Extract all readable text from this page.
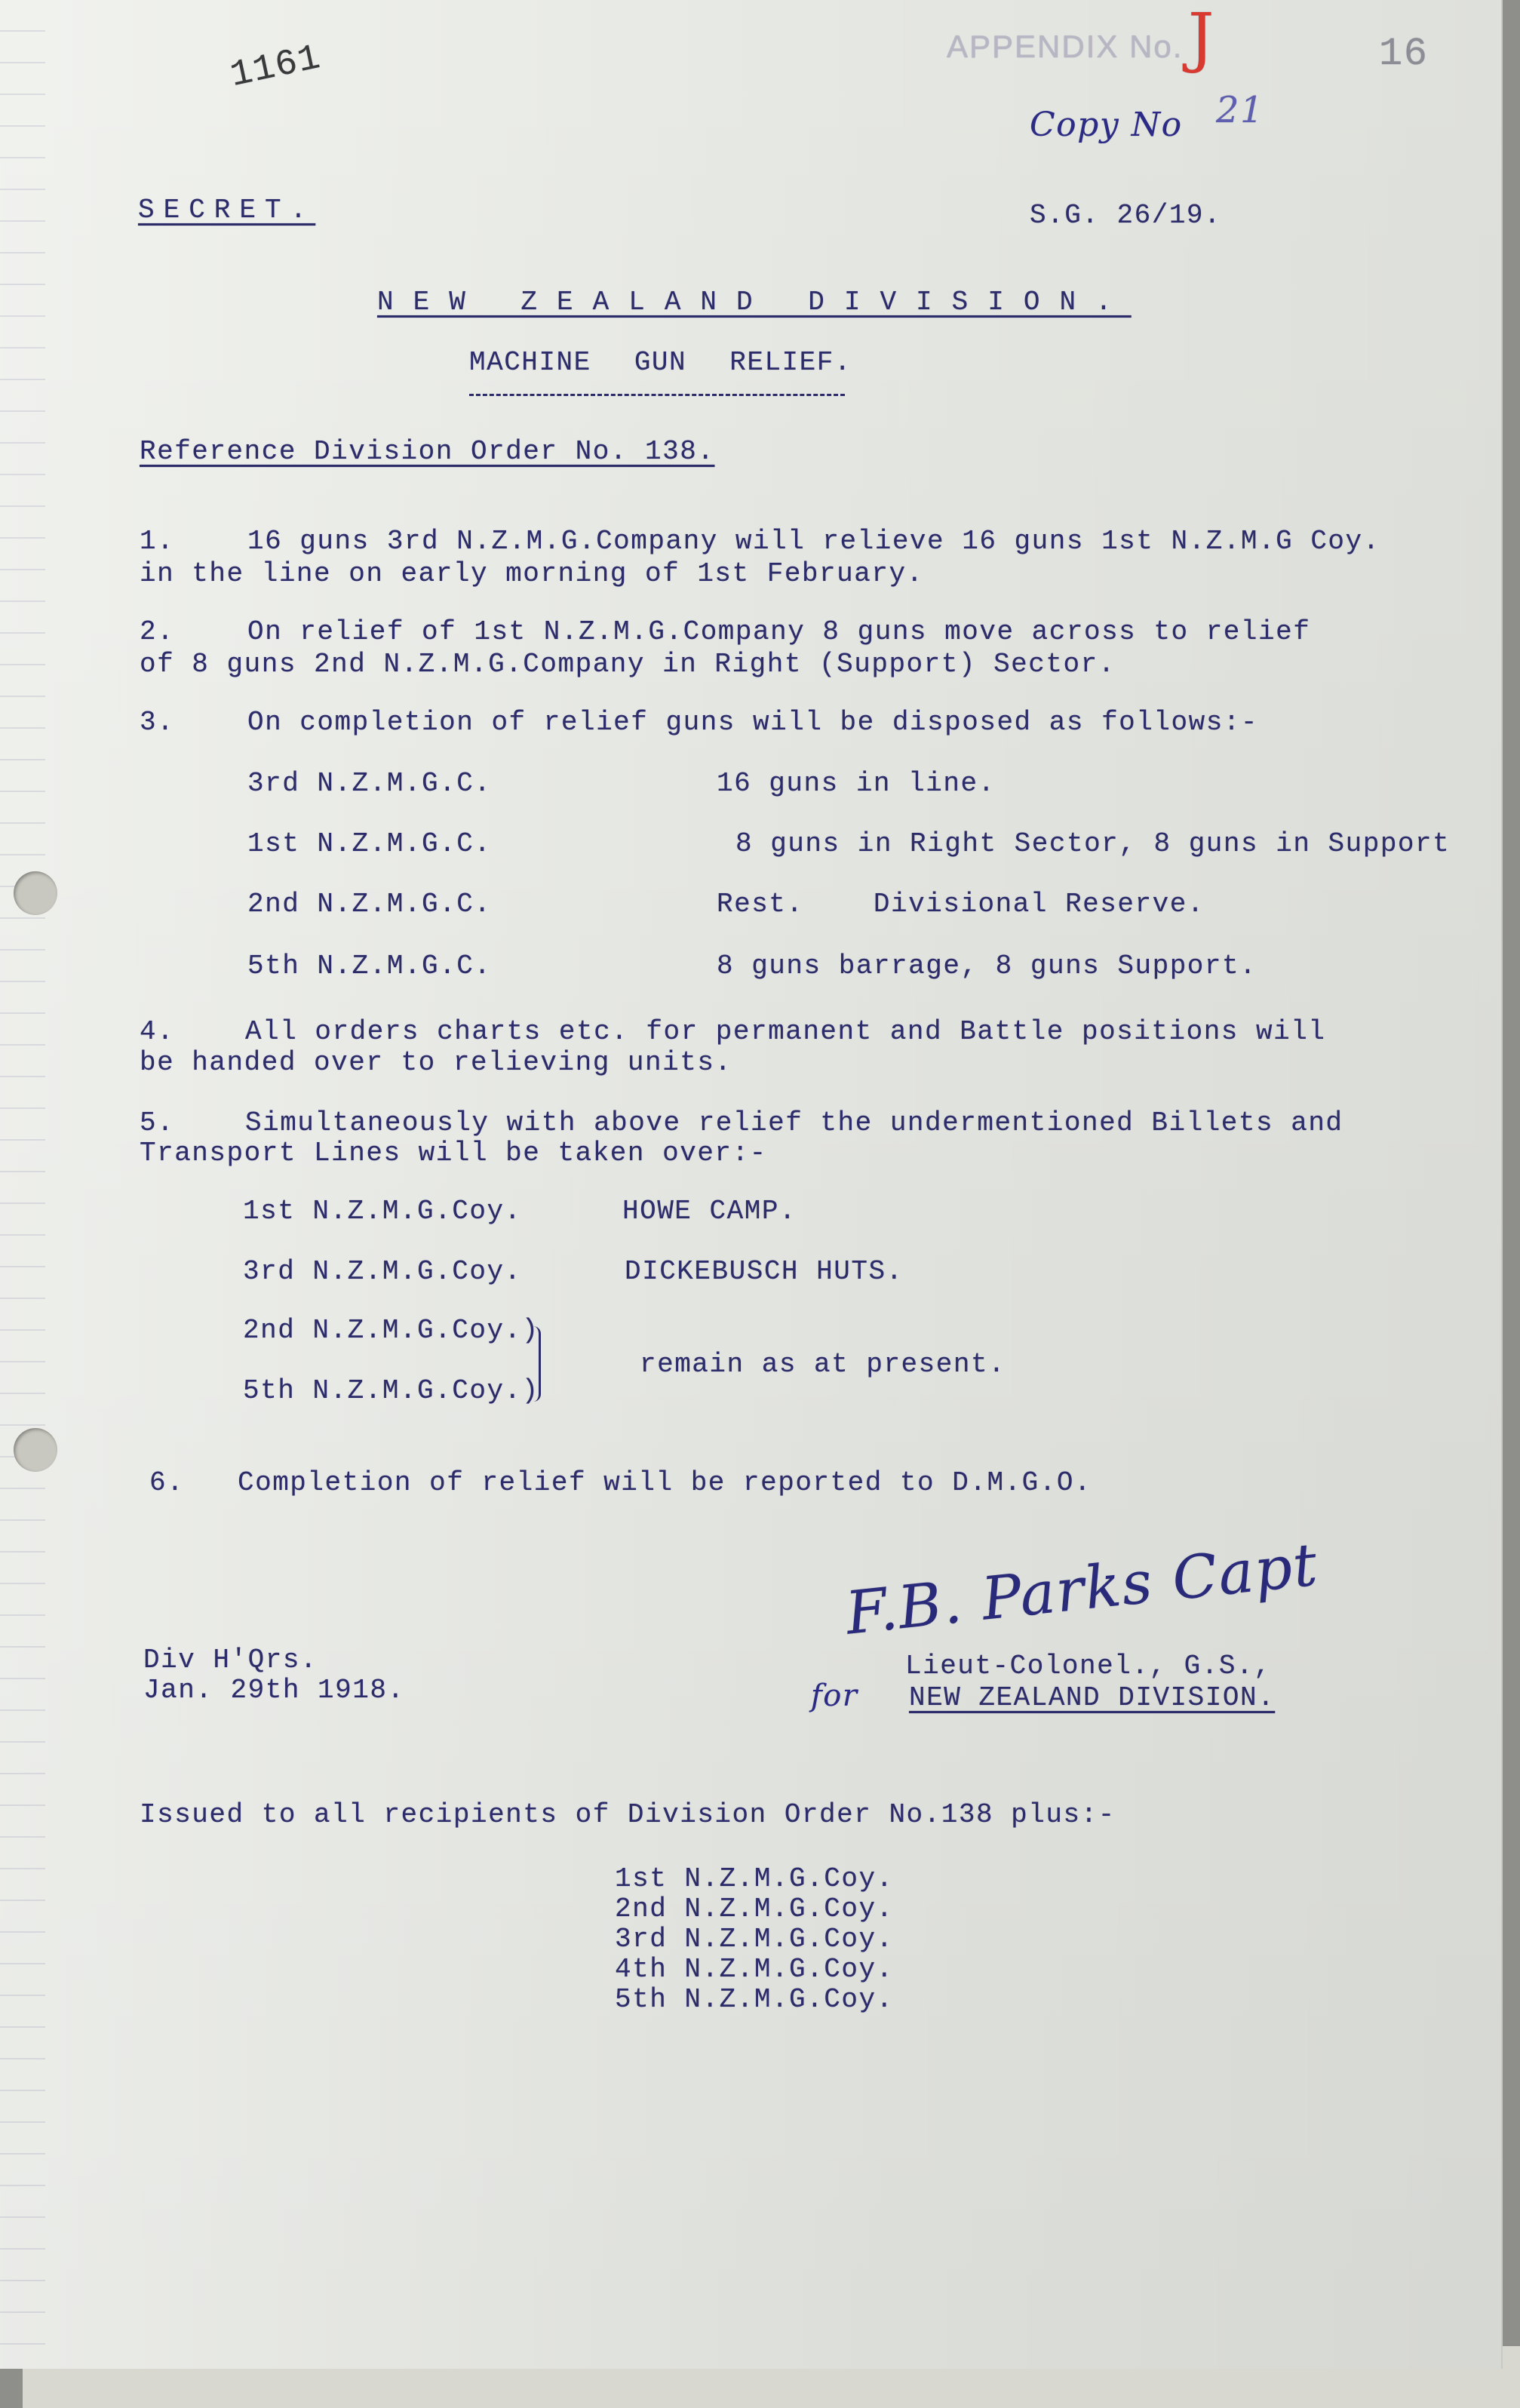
1161	APPENDIX No. J	16
Copy No 21
SECRET.	S.G. 26/19.
NEW ZEALAND DIVISION.
MACHINE GUN RELIEF.
Reference Division Order No. 138.
1.	16 guns 3rd N.Z.M.G.Company will relieve 16 guns 1st N.Z.M.G Coy.
in the line on early morning of 1st February.
2.	On relief of 1st N.Z.M.G.Company 8 guns move across to relief
of 8 guns 2nd N.Z.M.G.Company in Right (Support) Sector.
3.	On completion of relief guns will be disposed as follows:-
3rd N.Z.M.G.C.	16 guns in line.
1st N.Z.M.G.C.	8 guns in Right Sector, 8 guns in Support
2nd N.Z.M.G.C.	Rest.    Divisional Reserve.
5th N.Z.M.G.C.	8 guns barrage, 8 guns Support.
4.	All orders charts etc. for permanent and Battle positions will
be handed over to relieving units.
5.	Simultaneously with above relief the undermentioned Billets and
Transport Lines will be taken over:-
1st N.Z.M.G.Coy.	HOWE CAMP.
3rd N.Z.M.G.Coy.	DICKEBUSCH HUTS.
2nd N.Z.M.G.Coy.)
5th N.Z.M.G.Coy.)
remain as at present.
6. Completion of relief will be reported to D.M.G.O.
F.B. Parks Capt
Lieut-Colonel., G.S.,
for NEW ZEALAND DIVISION.
Div H'Qrs.
Jan. 29th 1918.
Issued to all recipients of Division Order No.138 plus:-
1st N.Z.M.G.Coy.
2nd N.Z.M.G.Coy.
3rd N.Z.M.G.Coy.
4th N.Z.M.G.Coy.
5th N.Z.M.G.Coy.
